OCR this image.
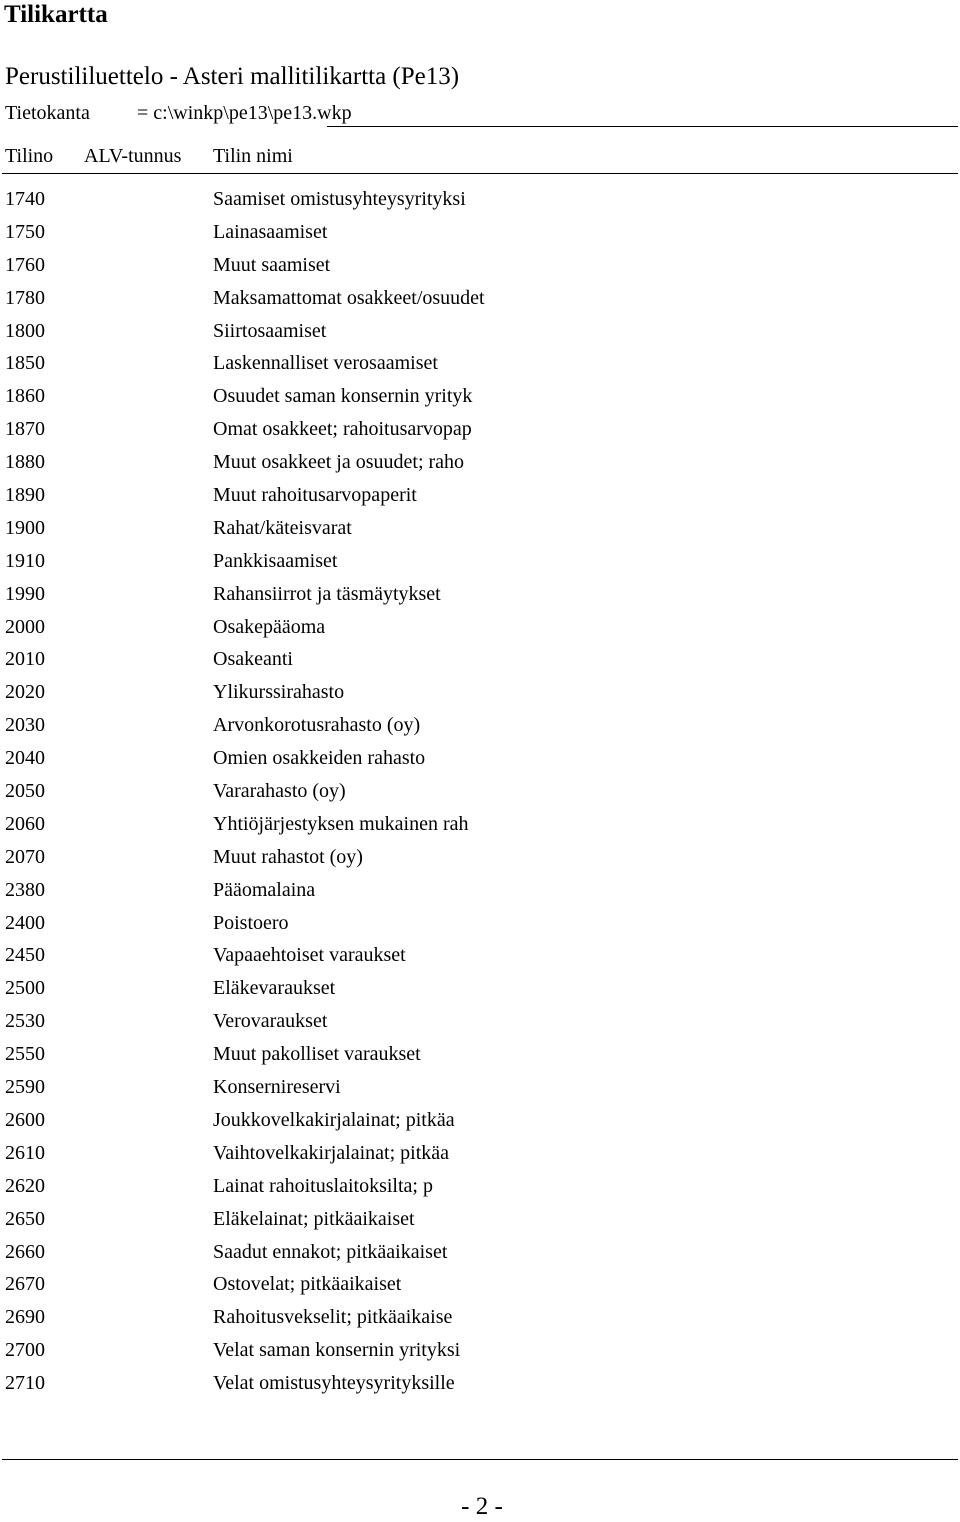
Tilikartta
Perustililuettelo - Asteri mallitilikartta (Pe13)
Tietokanta = c:\winkp\pe13\pe13.wkp
Tilino ALV-tunnus Tilin nimi
1740	Saamiset omistusyhteysyrityksi
1750	Lainasaamiset
1760	Muut saamiset
1780	Maksamattomat osakkeet/osuudet
1800	Siirtosaamiset
1850	Laskennalliset verosaamiset
1860	Osuudet saman konsernin yrityk
1870	Omat osakkeet; rahoitusarvopap
1880	Muut osakkeet ja osuudet; raho
1890	Muut rahoitusarvopaperit
1900	Rahat/käteisvarat
1910	Pankkisaamiset
1990	Rahansiirrot ja täsmäytykset
2000	Osakepääoma
2010	Osakeanti
2020	Ylikurssirahasto
2030	Arvonkorotusrahasto (oy)
2040	Omien osakkeiden rahasto
2050	Vararahasto (oy)
2060	Yhtiöjärjestyksen mukainen rah
2070	Muut rahastot (oy)
2380	Pääomalaina
2400	Poistoero
2450	Vapaaehtoiset varaukset
2500	Eläkevaraukset
2530	Verovaraukset
2550	Muut pakolliset varaukset
2590	Konsernireservi
2600	Joukkovelkakirjalainat; pitkäa
2610	Vaihtovelkakirjalainat; pitkäa
2620	Lainat rahoituslaitoksilta; p
2650	Eläkelainat; pitkäaikaiset
2660	Saadut ennakot; pitkäaikaiset
2670	Ostovelat; pitkäaikaiset
2690	Rahoitusvekselit; pitkäaikaise
2700	Velat saman konsernin yrityksi
2710	Velat omistusyhteysyrityksille
- 2 -
